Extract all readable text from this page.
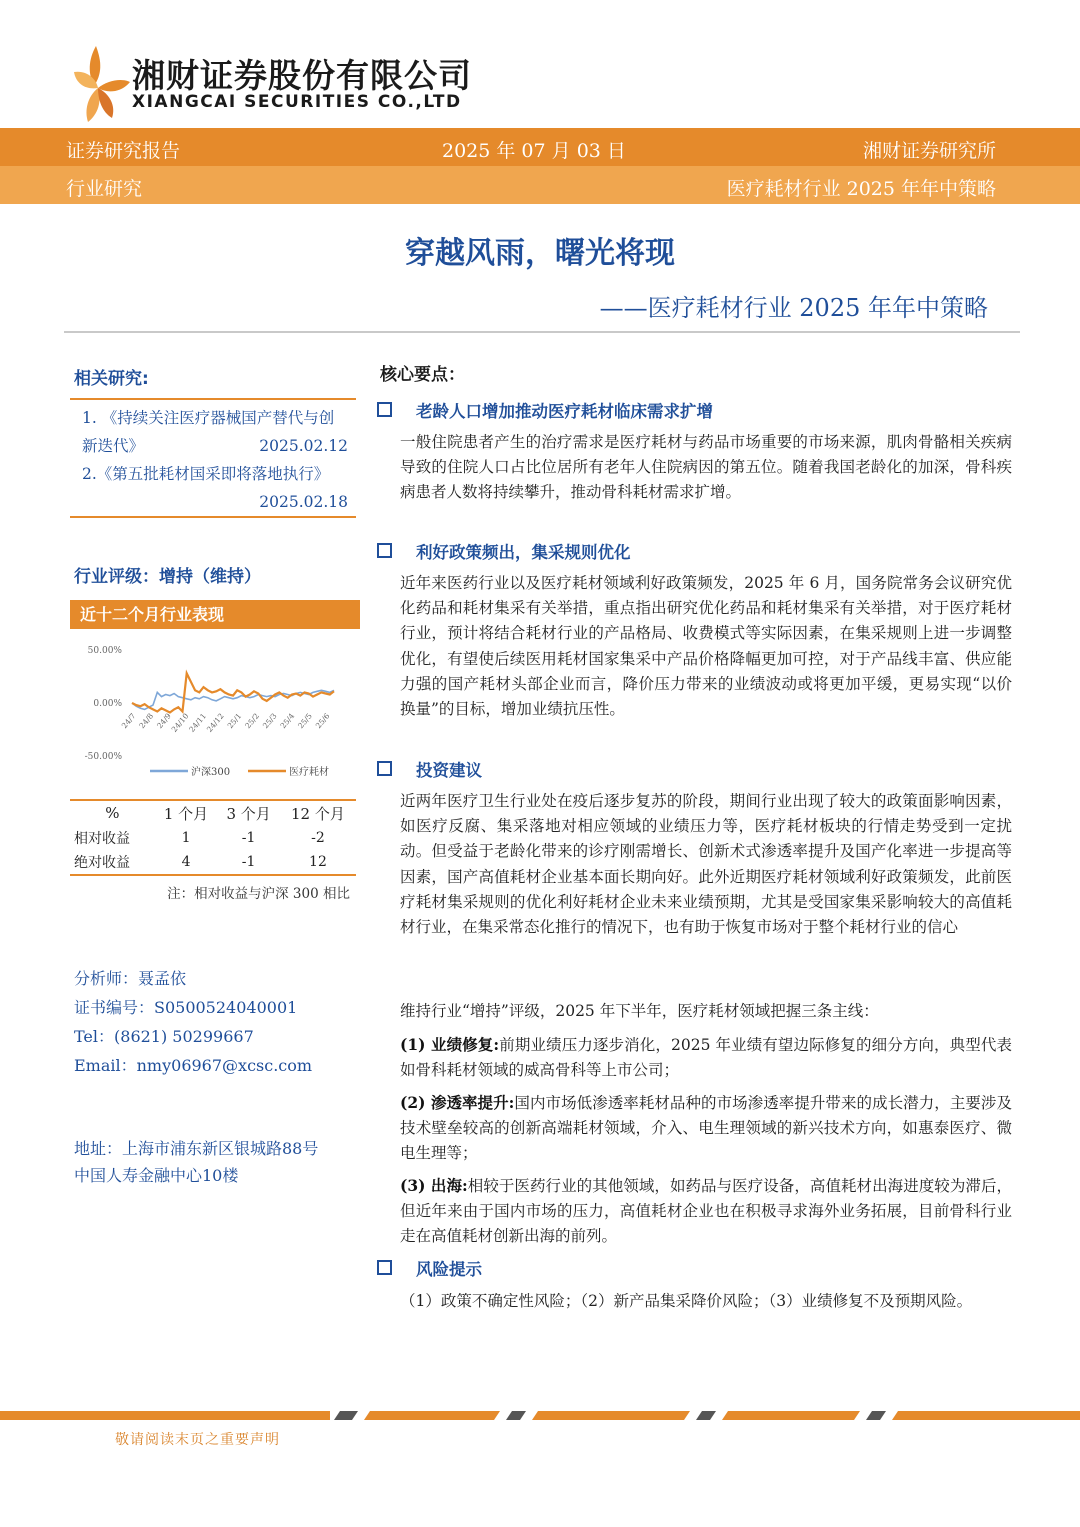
湘财证券股份有限公司
XIANGCAI SECURITIES CO.,LTD
证券研究报告	2025 年 07 月 03 日	湘财证券研究所
行业研究	医疗耗材行业 2025 年年中策略
穿越风雨，曙光将现
——医疗耗材行业 2025 年年中策略
相关研究:
1. 《持续关注医疗器械国产替代与创新迭代》	2025.02.12
2.《第五批耗材国采即将落地执行》
2025.02.18
行业评级：增持（维持）
近十二个月行业表现
50.00%
0.00%
-50.00%
24/7 24/8 24/9
24/10
24/11
24/12 25/1 25/2 25/3 25/4 25/5 25/6
沪深300	医疗耗材
%	1 个月	3 个月	12 个月
相对收益	1	-1	-2
绝对收益	4	-1	12
注：相对收益与沪深 300 相比
分析师：聂孟依
证书编号：S0500524040001
Tel：(8621) 50299667
Email：nmy06967@xcsc.com
地址：上海市浦东新区银城路88号
中国人寿金融中心10楼
核心要点：
老龄人口增加推动医疗耗材临床需求扩增
一般住院患者产生的治疗需求是医疗耗材与药品市场重要的市场来源，肌肉骨骼相关疾病导致的住院人口占比位居所有老年人住院病因的第五位。随着我国老龄化的加深，骨科疾病患者人数将持续攀升，推动骨科耗材需求扩增。
利好政策频出，集采规则优化
近年来医药行业以及医疗耗材领域利好政策频发，2025 年 6 月，国务院常务会议研究优化药品和耗材集采有关举措，重点指出研究优化药品和耗材集采有关举措，对于医疗耗材行业，预计将结合耗材行业的产品格局、收费模式等实际因素，在集采规则上进一步调整优化，有望使后续医用耗材国家集采中产品价格降幅更加可控，对于产品线丰富、供应能力强的国产耗材头部企业而言，降价压力带来的业绩波动或将更加平缓，更易实现“以价换量”的目标，增加业绩抗压性。
投资建议
近两年医疗卫生行业处在疫后逐步复苏的阶段，期间行业出现了较大的政策面影响因素，如医疗反腐、集采落地对相应领域的业绩压力等，医疗耗材板块的行情走势受到一定扰动。但受益于老龄化带来的诊疗刚需增长、创新术式渗透率提升及国产化率进一步提高等因素，国产高值耗材企业基本面长期向好。此外近期医疗耗材领域利好政策频发，此前医疗耗材集采规则的优化利好耗材企业未来业绩预期，尤其是受国家集采影响较大的高值耗材行业，在集采常态化推行的情况下，也有助于恢复市场对于整个耗材行业的信心
维持行业“增持”评级，2025 年下半年，医疗耗材领域把握三条主线：
(1) 业绩修复:前期业绩压力逐步消化，2025 年业绩有望边际修复的细分方向，典型代表如骨科耗材领域的威高骨科等上市公司；
(2) 渗透率提升:国内市场低渗透率耗材品种的市场渗透率提升带来的成长潜力，主要涉及技术壁垒较高的创新高端耗材领域，介入、电生理领域的新兴技术方向，如惠泰医疗、微电生理等；
(3) 出海:相较于医药行业的其他领域，如药品与医疗设备，高值耗材出海进度较为滞后，但近年来由于国内市场的压力，高值耗材企业也在积极寻求海外业务拓展，目前骨科行业走在高值耗材创新出海的前列。
风险提示
（1）政策不确定性风险；（2）新产品集采降价风险；（3）业绩修复不及预期风险。
敬请阅读末页之重要声明
